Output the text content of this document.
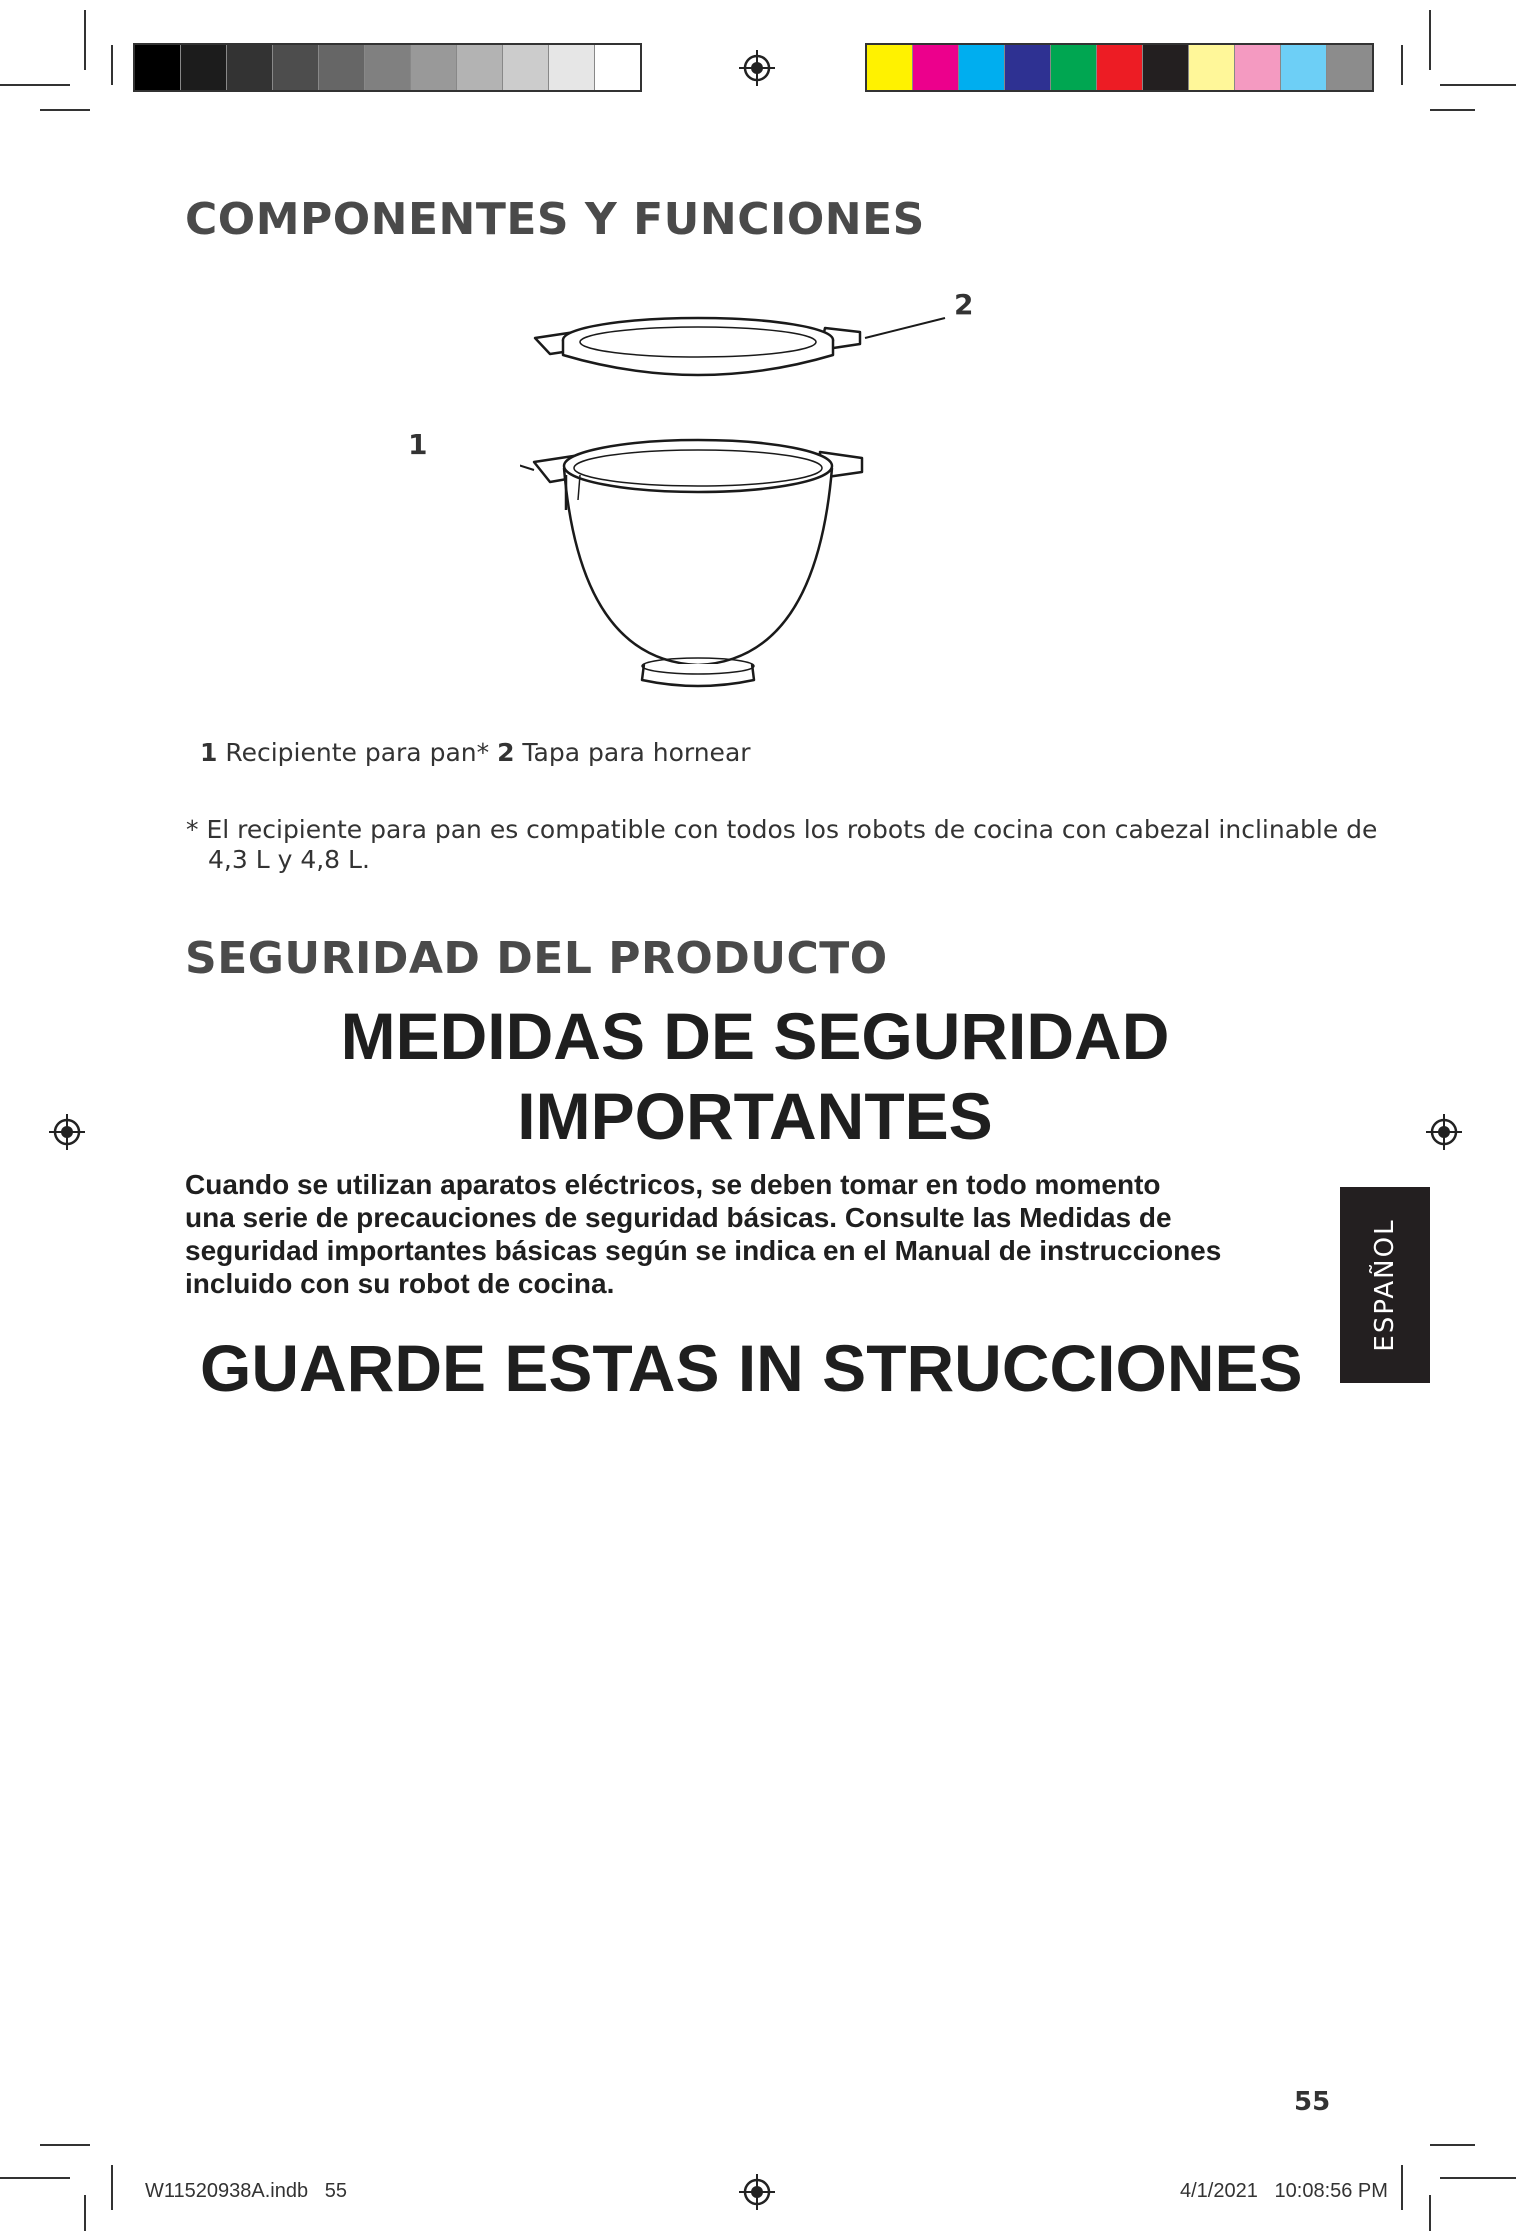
COMPONENTES Y FUNCIONES
2
1
1 Recipiente para pan* 2 Tapa para hornear
* El recipiente para pan es compatible con todos los robots de cocina con cabezal inclinable de
4,3 L y 4,8 L.
SEGURIDAD DEL PRODUCTO
MEDIDAS DE SEGURIDAD
IMPORTANTES
Cuando se utilizan aparatos eléctricos, se deben tomar en todo momento
una serie de precauciones de seguridad básicas. Consulte las Medidas de
seguridad importantes básicas según se indica en el Manual de instrucciones
incluido con su robot de cocina.
GUARDE ESTAS IN STRUCCIONES
ESPAÑOL
55
W11520938A.indb   55	4/1/2021   10:08:56 PM
